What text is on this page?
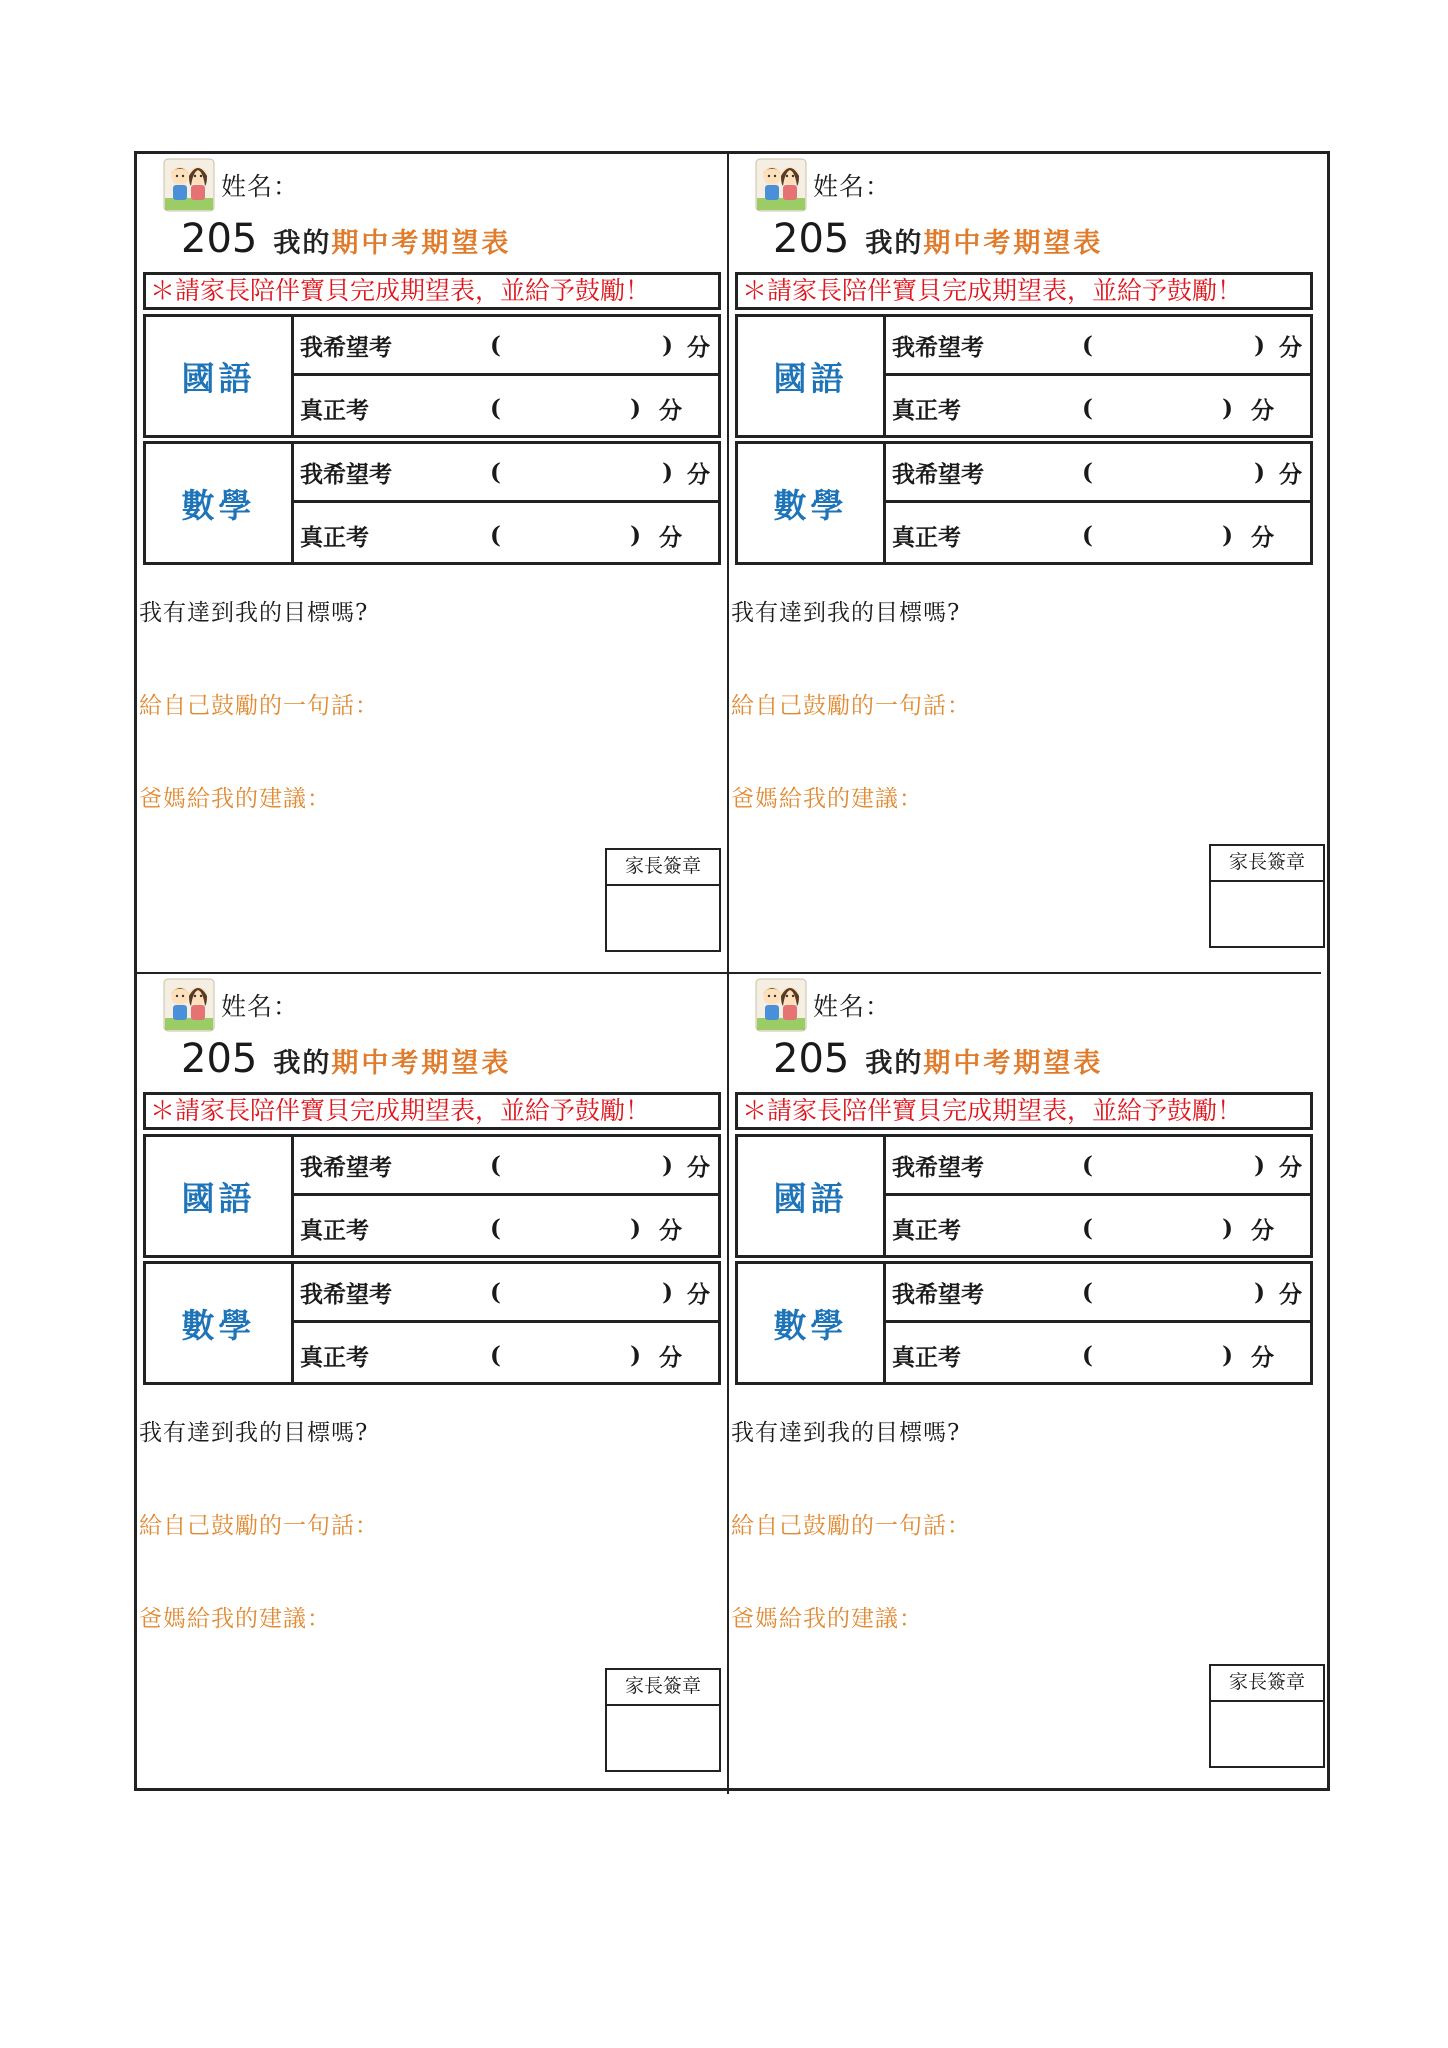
姓名：
205 我的 期中考期望表
＊請家長陪伴寶貝完成期望表，並給予鼓勵！
國語
我希望考	(	) 分
真正考	(	) 分
數學
我希望考	(	) 分
真正考	(	) 分
我有達到我的目標嗎?
給自己鼓勵的一句話：
爸媽給我的建議：
家長簽章
姓名：
205 我的 期中考期望表
＊請家長陪伴寶貝完成期望表，並給予鼓勵！
國語
我希望考	(	) 分
真正考	(	) 分
數學
我希望考	(	) 分
真正考	(	) 分
我有達到我的目標嗎?
給自己鼓勵的一句話：
爸媽給我的建議：
家長簽章
姓名：
205 我的 期中考期望表
＊請家長陪伴寶貝完成期望表，並給予鼓勵！
國語
我希望考	(	) 分
真正考	(	) 分
數學
我希望考	(	) 分
真正考	(	) 分
我有達到我的目標嗎?
給自己鼓勵的一句話：
爸媽給我的建議：
家長簽章
姓名：
205 我的 期中考期望表
＊請家長陪伴寶貝完成期望表，並給予鼓勵！
國語
我希望考	(	) 分
真正考	(	) 分
數學
我希望考	(	) 分
真正考	(	) 分
我有達到我的目標嗎?
給自己鼓勵的一句話：
爸媽給我的建議：
家長簽章
